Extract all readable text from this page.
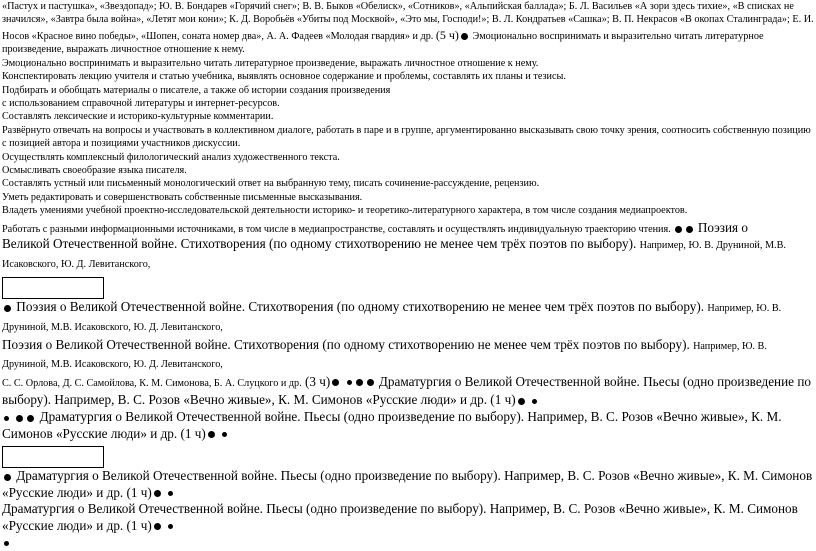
«Пастух и пастушка», «Звездопад»; Ю. В. Бондарев «Горячий снег»; В. В. Быков «Обелиск», «Сотников», «Альпийская баллада»; Б. Л. Васильев «А зори здесь тихие», «В списках не значился», «Завтра была война», «Летят мои кони»; К. Д. Воробьёв «Убиты под Москвой», «Это мы, Господи!»; В. Л. Кондратьев «Сашка»; В. П. Некрасов «В окопах Сталинграда»; Е. И. Носов «Красное вино победы», «Шопен, соната номер два», А. А. Фадеев «Молодая гвардия» и др. (5 ч) Эмоционально воспринимать и выразительно читать литературное произведение, выражать личностное отношение к нему.

Эмоционально воспринимать и выразительно читать литературное произведение, выражать личностное отношение к нему.

Конспектировать лекцию учителя и статью учебника, выявлять основное содержание и проблемы, составлять их планы и тезисы.

Подбирать и обобщать материалы о писателе, а также об истории создания произведения

с использованием справочной литературы и интернет-ресурсов.

Составлять лексические и историко-культурные комментарии.

Развёрнуто отвечать на вопросы и участвовать в коллективном диалоге, работать в паре и в группе, аргументированно высказывать свою точку зрения, соотносить собственную позицию

с позицией автора и позициями участников дискуссии.

Осуществлять комплексный филологический анализ художественного текста.

Осмысливать своеобразие языка писателя.

Составлять устный или письменный монологический ответ на выбранную тему, писать сочинение-рассуждение, рецензию.

Уметь редактировать и совершенствовать собственные письменные высказывания.

Владеть умениями учебной проектно-исследовательской деятельности историко- и теоретико-литературного характера, в том числе создания медиапроектов.

Работать с разными информационными источниками, в том числе в медиапространстве, составлять и осуществлять индивидуальную траекторию чтения. Поэзия о

Великой Отечественной войне. Стихотворения (по одному стихотворению не менее чем трёх поэтов по выбору). Например, Ю. В. Друниной, М.В. Исаковского, Ю. Д. Левитанского,

Поэзия о Великой Отечественной войне. Стихотворения (по одному стихотворению не менее чем трёх поэтов по выбору). Например, Ю. В. Друниной, М.В. Исаковского, Ю. Д. Левитанского,

Поэзия о Великой Отечественной войне. Стихотворения (по одному стихотворению не менее чем трёх поэтов по выбору). Например, Ю. В. Друниной, М.В. Исаковского, Ю. Д. Левитанского,

С. С. Орлова, Д. С. Самойлова, К. М. Симонова, Б. А. Слуцкого и др. (3 ч)	Драматургия о Великой Отечественной войне. Пьесы (одно произведение по выбору). Например, В. С. Розов «Вечно живые», К. М. Симонов «Русские люди» и др. (1 ч)

Драматургия о Великой Отечественной войне. Пьесы (одно произведение по выбору). Например, В. С. Розов «Вечно живые», К. М. Симонов «Русские люди» и др. (1 ч)

Драматургия о Великой Отечественной войне. Пьесы (одно произведение по выбору). Например, В. С. Розов «Вечно живые», К. М. Симонов «Русские люди» и др. (1 ч)

Драматургия о Великой Отечественной войне. Пьесы (одно произведение по выбору). Например, В. С. Розов «Вечно живые», К. М. Симонов «Русские люди» и др. (1 ч)
